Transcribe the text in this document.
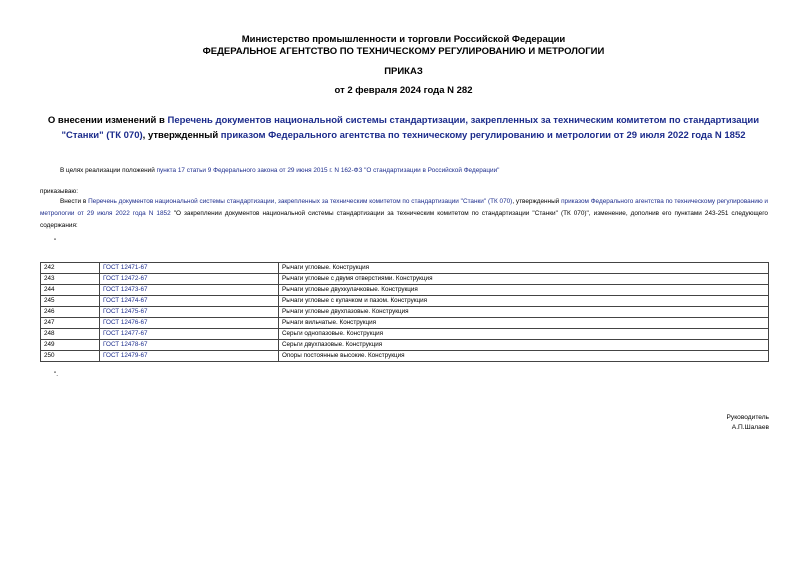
Министерство промышленности и торговли Российской Федерации
ФЕДЕРАЛЬНОЕ АГЕНТСТВО ПО ТЕХНИЧЕСКОМУ РЕГУЛИРОВАНИЮ И МЕТРОЛОГИИ
ПРИКАЗ
от 2 февраля 2024 года N 282
О внесении изменений в Перечень документов национальной системы стандартизации, закрепленных за техническим комитетом по стандартизации "Станки" (ТК 070), утвержденный приказом Федерального агентства по техническому регулированию и метрологии от 29 июля 2022 года N 1852
В целях реализации положений пункта 17 статьи 9 Федерального закона от 29 июня 2015 г. N 162-ФЗ "О стандартизации в Российской Федерации"
приказываю:
Внести в Перечень документов национальной системы стандартизации, закрепленных за техническим комитетом по стандартизации "Станки" (ТК 070), утвержденный приказом Федерального агентства по техническому регулированию и метрологии от 29 июля 2022 года N 1852 "О закреплении документов национальной системы стандартизации за техническим комитетом по стандартизации "Станки" (ТК 070)", изменение, дополнив его пунктами 243-251 следующего содержания:
"
242	ГОСТ 12471-67	Рычаги угловые. Конструкция
243	ГОСТ 12472-67	Рычаги угловые с двумя отверстиями. Конструкция
244	ГОСТ 12473-67	Рычаги угловые двухкулачковые. Конструкция
245	ГОСТ 12474-67	Рычаги угловые с кулачком и пазом. Конструкция
246	ГОСТ 12475-67	Рычаги угловые двухпазовые. Конструкция
247	ГОСТ 12476-67	Рычаги вильчатые. Конструкция
248	ГОСТ 12477-67	Серьги однопазовые. Конструкция
249	ГОСТ 12478-67	Серьги двухпазовые. Конструкция
250	ГОСТ 12479-67	Опоры постоянные высокие. Конструкция
".
Руководитель
А.П.Шалаев
